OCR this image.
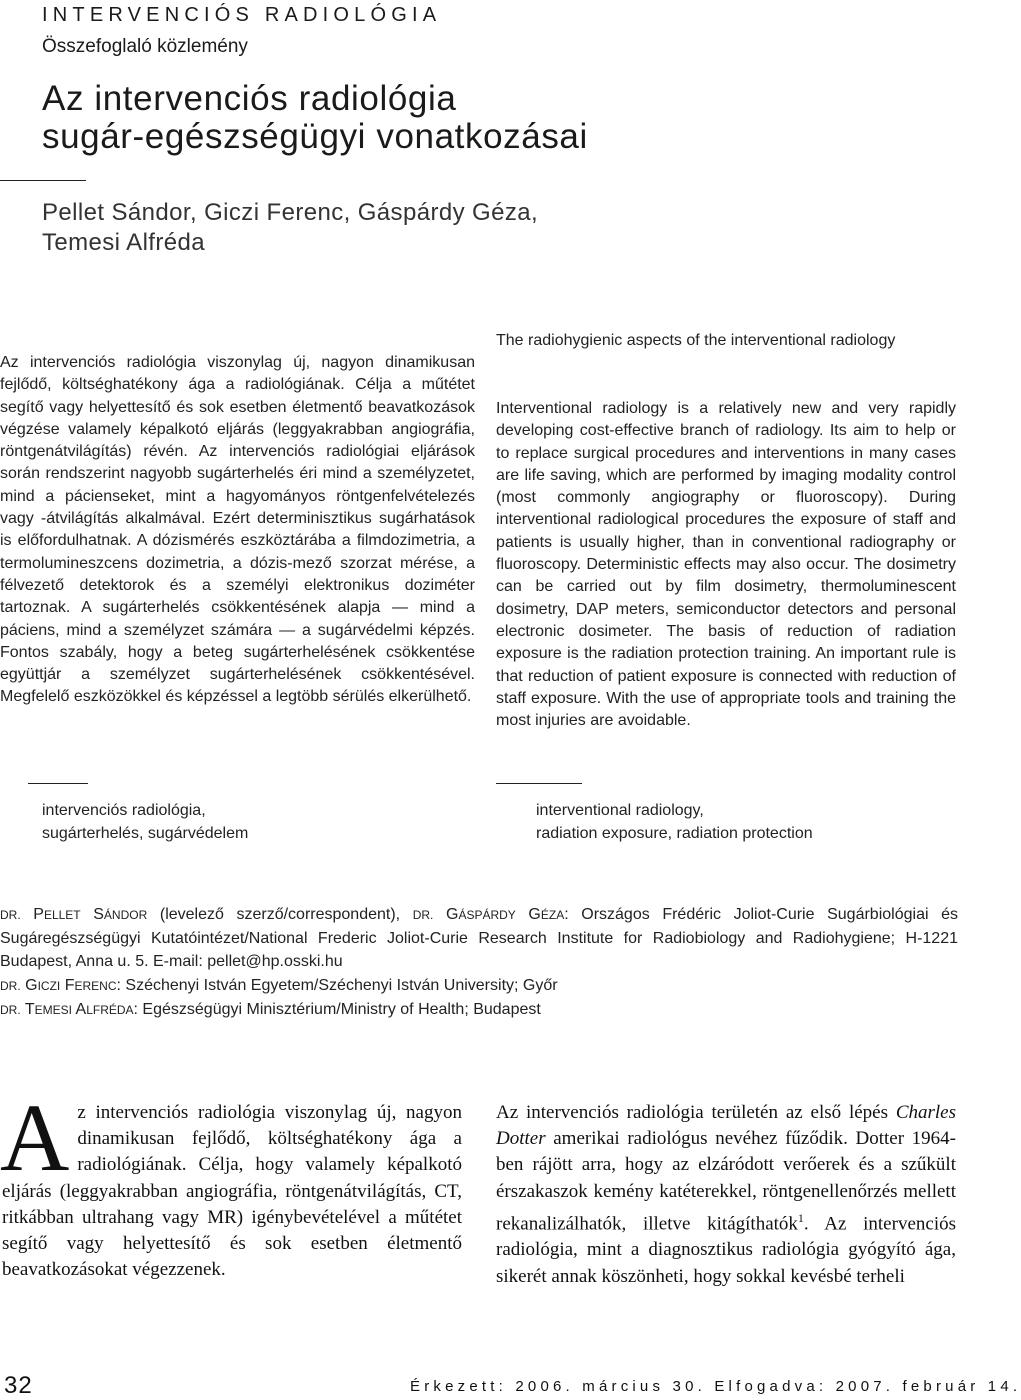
INTERVENCIÓS RADIOLÓGIA
Összefoglaló közlemény
Az intervenciós radiológia
sugár-egészségügyi vonatkozásai
Pellet Sándor, Giczi Ferenc, Gáspárdy Géza,
Temesi Alfréda

Az intervenciós radiológia viszonylag új, nagyon dinamikusan fejlődő, költséghatékony ága a radiológiának. Célja a műtétet segítő vagy helyettesítő és sok esetben életmentő beavatkozások végzése valamely képalkotó eljárás (leggyakrabban angiográfia, röntgenátvilágítás) révén. Az intervenciós radiológiai eljárások során rendszerint nagyobb sugárterhelés éri mind a személyzetet, mind a pácienseket, mint a hagyományos röntgenfelvételezés vagy -átvilágítás alkalmával. Ezért determinisztikus sugárhatások is előfordulhatnak. A dózismérés eszköztárába a filmdozimetria, a termolumineszcens dozimetria, a dózis-mező szorzat mérése, a félvezető detektorok és a személyi elektronikus doziméter tartoznak. A sugárterhelés csökkentésének alapja — mind a páciens, mind a személyzet számára — a sugárvédelmi képzés. Fontos szabály, hogy a beteg sugárterhelésének csökkentése együttjár a személyzet sugárterhelésének csökkentésével. Megfelelő eszközökkel és képzéssel a legtöbb sérülés elkerülhető.

The radiohygienic aspects of the interventional radiology

Interventional radiology is a relatively new and very rapidly developing cost-effective branch of radiology. Its aim to help or to replace surgical procedures and interventions in many cases are life saving, which are performed by imaging modality control (most commonly angiography or fluoroscopy). During interventional radiological procedures the exposure of staff and patients is usually higher, than in conventional radiography or fluoroscopy. Deterministic effects may also occur. The dosimetry can be carried out by film dosimetry, thermoluminescent dosimetry, DAP meters, semiconductor detectors and personal electronic dosimeter. The basis of reduction of radiation exposure is the radiation protection training. An important rule is that reduction of patient exposure is connected with reduction of staff exposure. With the use of appropriate tools and training the most injuries are avoidable.

intervenciós radiológia,
sugárterhelés, sugárvédelem
interventional radiology,
radiation exposure, radiation protection

DR. PELLET SÁNDOR (levelező szerző/correspondent), DR. GÁSPÁRDY GÉZA: Országos Frédéric Joliot-Curie Sugárbiológiai és Sugáregészségügyi Kutatóintézet/National Frederic Joliot-Curie Research Institute for Radiobiology and Radiohygiene; H-1221 Budapest, Anna u. 5. E-mail: pellet@hp.osski.hu

DR. GICZI FERENC: Széchenyi István Egyetem/Széchenyi István University; Győr

DR. TEMESI ALFRÉDA: Egészségügyi Minisztérium/Ministry of Health; Budapest

Az intervenciós radiológia viszonylag új, nagyon dinamikusan fejlődő, költséghatékony ága a radiológiának. Célja, hogy valamely képalkotó eljárás (leggyakrabban angiográfia, röntgenátvilágítás, CT, ritkábban ultrahang vagy MR) igénybevételével a műtétet segítő vagy helyettesítő és sok esetben életmentő beavatkozásokat végezzenek.

Az intervenciós radiológia területén az első lépés Charles Dotter amerikai radiológus nevéhez fűződik. Dotter 1964-ben rájött arra, hogy az elzáródott verőerek és a szűkült érszakaszok kemény katéterekkel, röntgenellenőrzés mellett rekanalizálhatók, illetve kitágíthatók$^1$. Az intervenciós radiológia, mint a diagnosztikus radiológia gyógyító ága, sikerét annak köszönheti, hogy sokkal kevésbé terheli

32	Érkezett: 2006. március 30. Elfogadva: 2007. február 14.
